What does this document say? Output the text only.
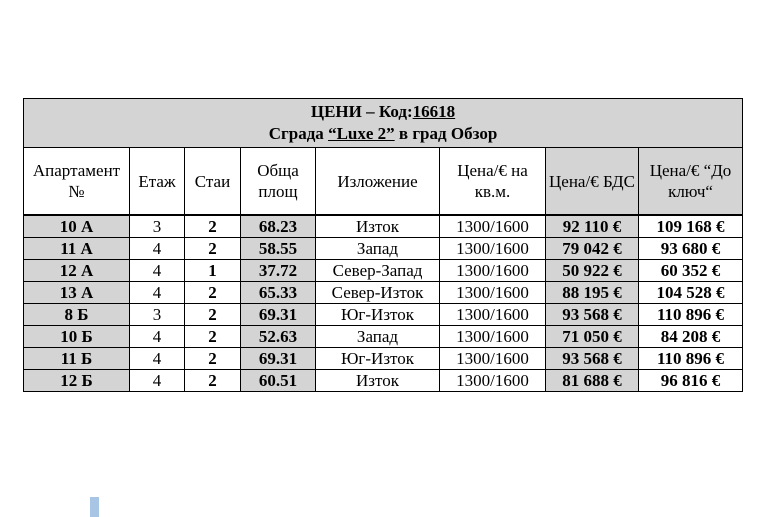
ЦЕНИ – Код:16618
Сграда “Luxe 2” в град Обзор							

Апартамент №	Етаж	Стаи	Обща площ	Изложение	Цена/€ на кв.м.	Цена/€ БДС	Цена/€ “До ключ“
10 А	3	2	68.23	Изток	1300/1600	92 110 €	109 168 €
11 А	4	2	58.55	Запад	1300/1600	79 042 €	93 680 €
12 А	4	1	37.72	Север-Запад	1300/1600	50 922 €	60 352 €
13 А	4	2	65.33	Север-Изток	1300/1600	88 195 €	104 528 €
8 Б	3	2	69.31	Юг-Изток	1300/1600	93 568 €	110 896 €
10 Б	4	2	52.63	Запад	1300/1600	71 050 €	84 208 €
11 Б	4	2	69.31	Юг-Изток	1300/1600	93 568 €	110 896 €
12 Б	4	2	60.51	Изток	1300/1600	81 688 €	96 816 €
